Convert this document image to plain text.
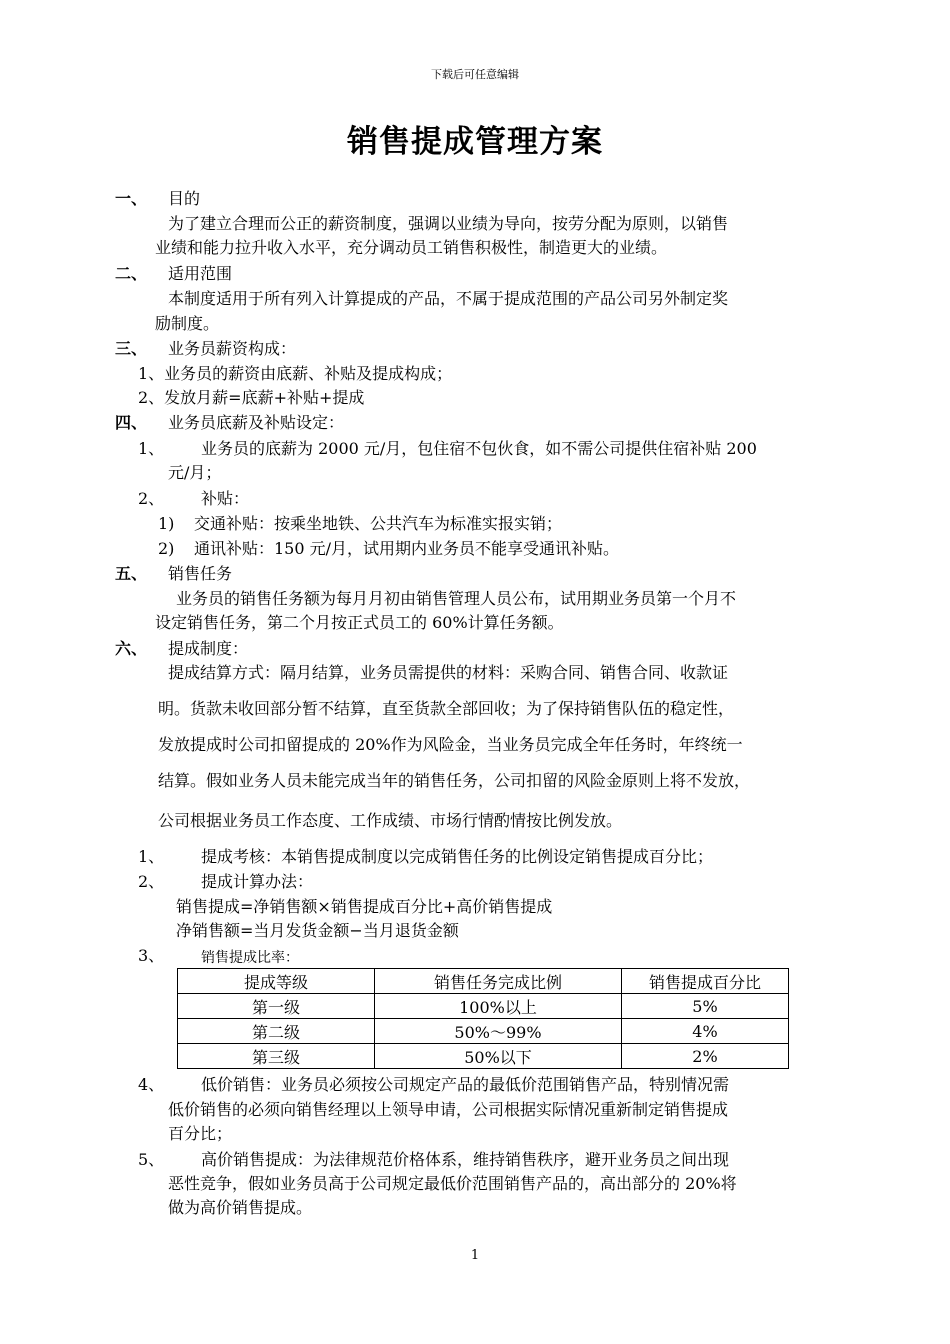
下载后可任意编辑
销售提成管理方案
一、 目的
为了建立合理而公正的薪资制度，强调以业绩为导向，按劳分配为原则，以销售
业绩和能力拉升收入水平，充分调动员工销售积极性，制造更大的业绩。
二、 适用范围
本制度适用于所有列入计算提成的产品，不属于提成范围的产品公司另外制定奖
励制度。
三、 业务员薪资构成：
1、业务员的薪资由底薪、补贴及提成构成；
2、发放月薪=底薪+补贴+提成
四、 业务员底薪及补贴设定：
1、 业务员的底薪为 2000 元/月，包住宿不包伙食，如不需公司提供住宿补贴 200
元/月；
2、 补贴：
1) 交通补贴：按乘坐地铁、公共汽车为标准实报实销；
2) 通讯补贴：150 元/月，试用期内业务员不能享受通讯补贴。
五、 销售任务
业务员的销售任务额为每月月初由销售管理人员公布，试用期业务员第一个月不
设定销售任务，第二个月按正式员工的 60%计算任务额。
六、 提成制度：
提成结算方式：隔月结算，业务员需提供的材料：采购合同、销售合同、收款证
明。货款未收回部分暂不结算，直至货款全部回收；为了保持销售队伍的稳定性，
发放提成时公司扣留提成的 20%作为风险金，当业务员完成全年任务时，年终统一
结算。假如业务人员未能完成当年的销售任务，公司扣留的风险金原则上将不发放，
公司根据业务员工作态度、工作成绩、市场行情酌情按比例发放。
1、 提成考核：本销售提成制度以完成销售任务的比例设定销售提成百分比；
2、 提成计算办法：
销售提成=净销售额×销售提成百分比+高价销售提成
净销售额=当月发货金额−当月退货金额
3、	销售提成比率：
提成等级	销售任务完成比例	销售提成百分比
第一级	100%以上	5%
第二级	50%～99%	4%
第三级	50%以下	2%
4、 低价销售：业务员必须按公司规定产品的最低价范围销售产品，特别情况需
低价销售的必须向销售经理以上领导申请，公司根据实际情况重新制定销售提成
百分比；
5、 高价销售提成：为法律规范价格体系，维持销售秩序，避开业务员之间出现
恶性竞争，假如业务员高于公司规定最低价范围销售产品的，高出部分的 20%将
做为高价销售提成。
1
